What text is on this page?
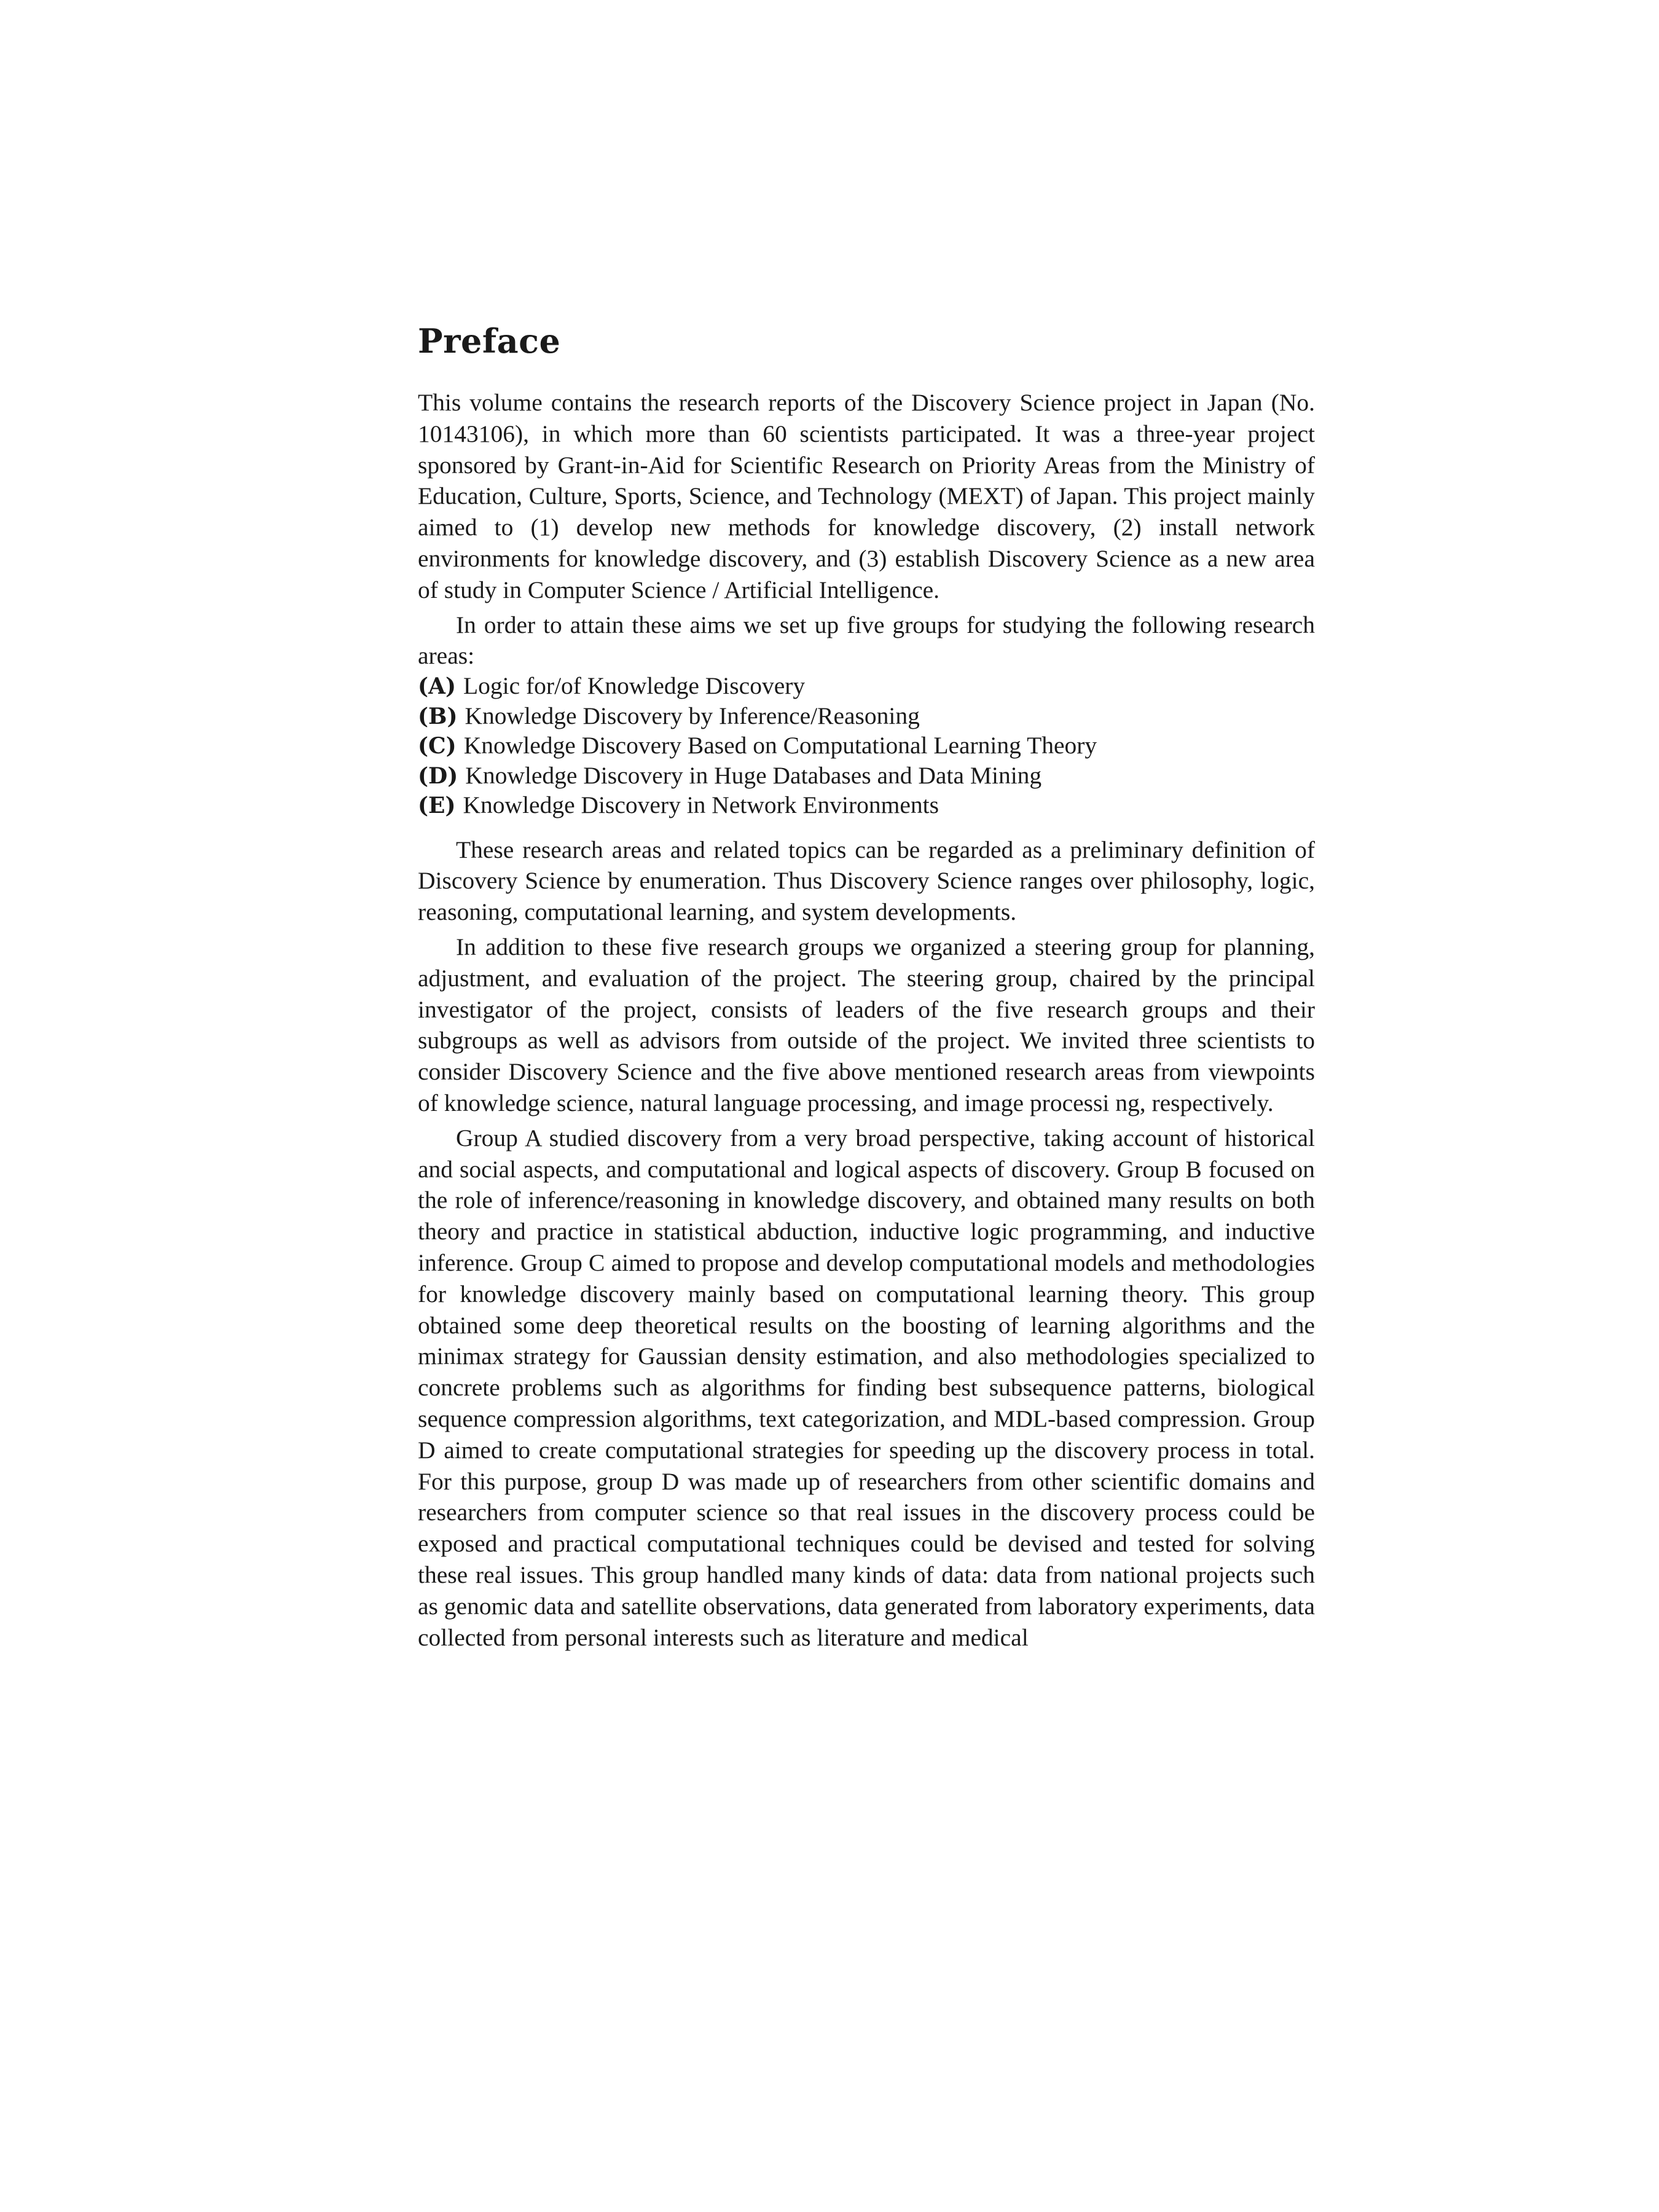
Preface

This volume contains the research reports of the Discovery Science project in Japan (No. 10143106), in which more than 60 scientists participated. It was a three-year project sponsored by Grant-in-Aid for Scientific Research on Priority Areas from the Ministry of Education, Culture, Sports, Science, and Technology (MEXT) of Japan. This project mainly aimed to (1) develop new methods for knowledge discovery, (2) install network environments for knowledge discovery, and (3) establish Discovery Science as a new area of study in Computer Science / Artificial Intelligence.

In order to attain these aims we set up five groups for studying the following research areas:

(A) Logic for/of Knowledge Discovery
(B) Knowledge Discovery by Inference/Reasoning
(C) Knowledge Discovery Based on Computational Learning Theory
(D) Knowledge Discovery in Huge Databases and Data Mining
(E) Knowledge Discovery in Network Environments

These research areas and related topics can be regarded as a preliminary definition of Discovery Science by enumeration. Thus Discovery Science ranges over philosophy, logic, reasoning, computational learning, and system developments.

In addition to these five research groups we organized a steering group for planning, adjustment, and evaluation of the project. The steering group, chaired by the principal investigator of the project, consists of leaders of the five research groups and their subgroups as well as advisors from outside of the project. We invited three scientists to consider Discovery Science and the five above mentioned research areas from viewpoints of knowledge science, natural language processing, and image processi ng, respectively.

Group A studied discovery from a very broad perspective, taking account of historical and social aspects, and computational and logical aspects of discovery. Group B focused on the role of inference/reasoning in knowledge discovery, and obtained many results on both theory and practice in statistical abduction, inductive logic programming, and inductive inference. Group C aimed to propose and develop computational models and methodologies for knowledge discovery mainly based on computational learning theory. This group obtained some deep theoretical results on the boosting of learning algorithms and the minimax strategy for Gaussian density estimation, and also methodologies specialized to concrete problems such as algorithms for finding best subsequence patterns, biological sequence compression algorithms, text categorization, and MDL-based compression. Group D aimed to create computational strategies for speeding up the discovery process in total. For this purpose, group D was made up of researchers from other scientific domains and researchers from computer science so that real issues in the discovery process could be exposed and practical computational techniques could be devised and tested for solving these real issues. This group handled many kinds of data: data from national projects such as genomic data and satellite observations, data generated from laboratory experiments, data collected from personal interests such as literature and medical
